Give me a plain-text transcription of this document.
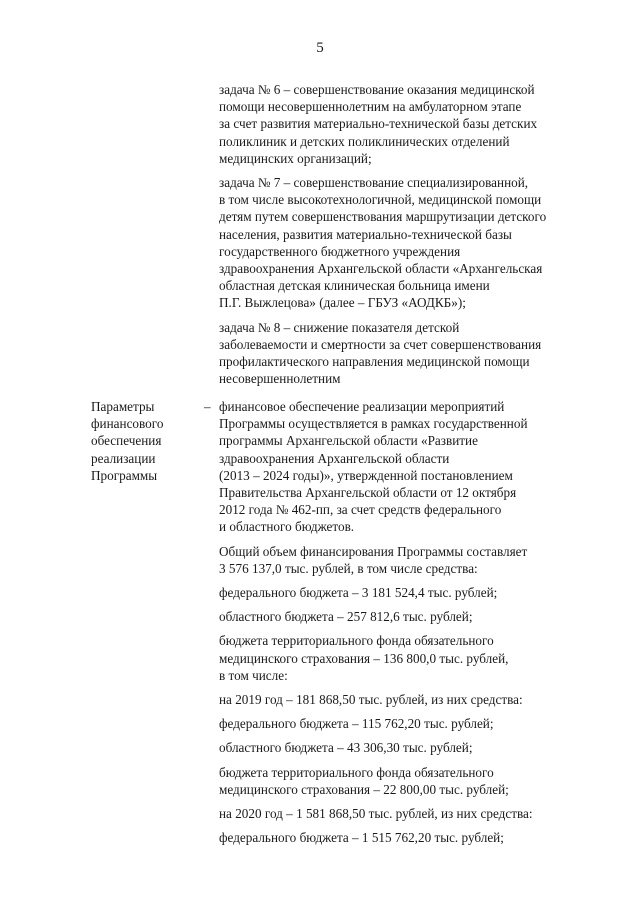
5
задача № 6 – совершенствование оказания медицинской
помощи несовершеннолетним на амбулаторном этапе
за счет развития материально-технической базы детских
поликлиник и детских поликлинических отделений
медицинских организаций;
задача № 7 – совершенствование специализированной,
в том числе высокотехнологичной, медицинской помощи
детям путем совершенствования маршрутизации детского
населения, развития материально-технической базы
государственного бюджетного учреждения
здравоохранения Архангельской области «Архангельская
областная детская клиническая больница имени
П.Г. Выжлецова» (далее – ГБУЗ «АОДКБ»);
задача № 8 – снижение показателя детской
заболеваемости и смертности за счет совершенствования
профилактического направления медицинской помощи
несовершеннолетним
Параметры
финансового
обеспечения
реализации
Программы
– финансовое обеспечение реализации мероприятий
Программы осуществляется в рамках государственной
программы Архангельской области «Развитие
здравоохранения Архангельской области
(2013 – 2024 годы)», утвержденной постановлением
Правительства Архангельской области от 12 октября
2012 года № 462-пп, за счет средств федерального
и областного бюджетов.
Общий объем финансирования Программы составляет
3 576 137,0 тыс. рублей, в том числе средства:
федерального бюджета – 3 181 524,4 тыс. рублей;
областного бюджета – 257 812,6 тыс. рублей;
бюджета территориального фонда обязательного
медицинского страхования – 136 800,0 тыс. рублей,
в том числе:
на 2019 год – 181 868,50 тыс. рублей, из них средства:
федерального бюджета – 115 762,20 тыс. рублей;
областного бюджета – 43 306,30 тыс. рублей;
бюджета территориального фонда обязательного
медицинского страхования – 22 800,00 тыс. рублей;
на 2020 год – 1 581 868,50 тыс. рублей, из них средства:
федерального бюджета – 1 515 762,20 тыс. рублей;
